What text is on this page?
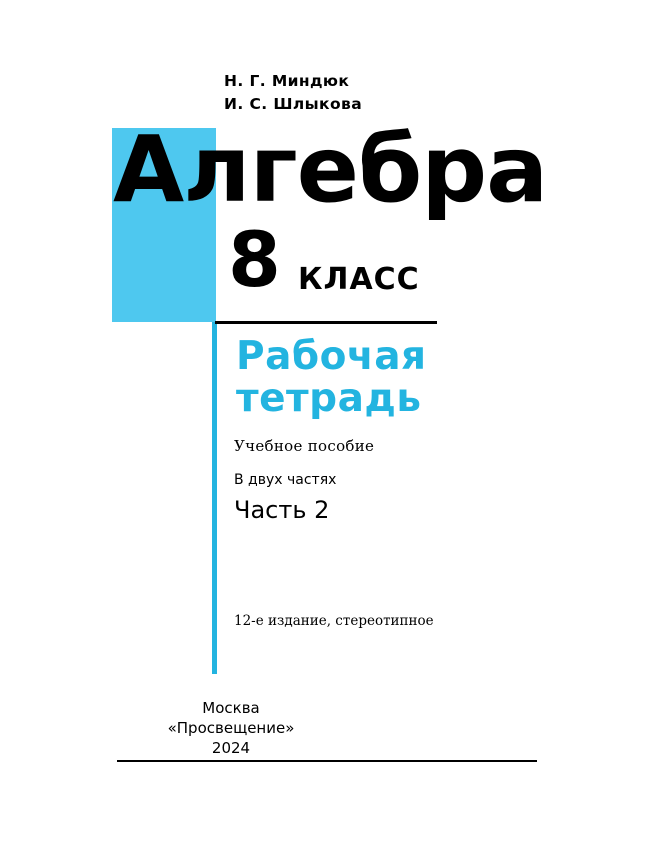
Н. Г. Миндюк
И. С. Шлыкова
Алгебра
8 КЛАСС
Рабочая
тетрадь
Учебное пособие
В двух частях
Часть 2
12-е издание, стереотипное
Москва
«Просвещение»
2024
